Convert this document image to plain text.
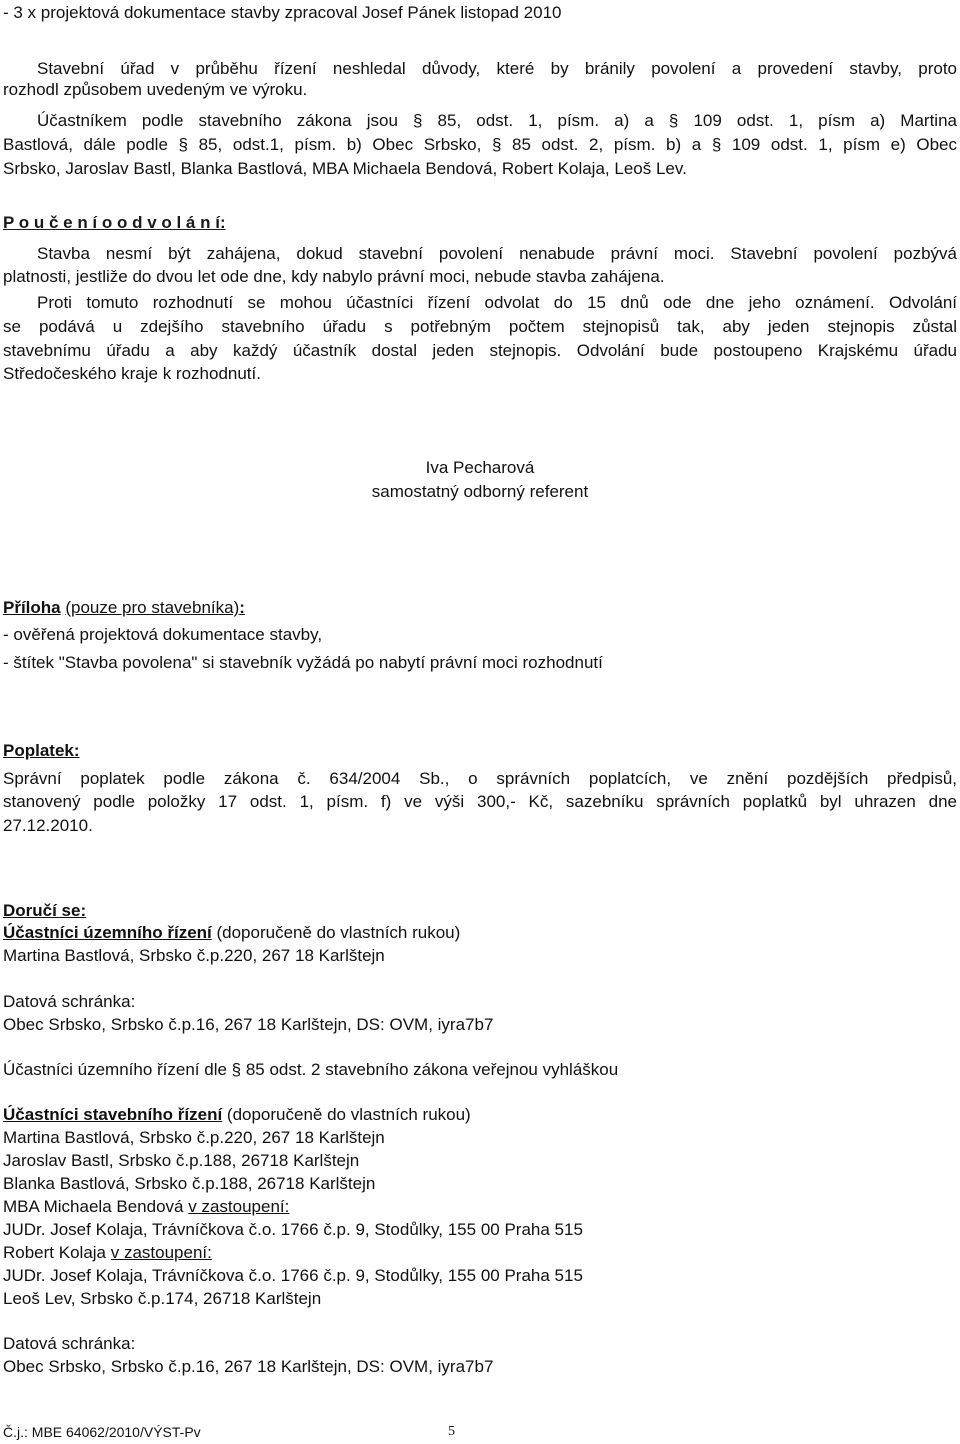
- 3 x projektová dokumentace stavby zpracoval Josef Pánek listopad 2010
Stavební úřad v průběhu řízení neshledal důvody, které by bránily povolení a provedení stavby, proto
rozhodl způsobem uvedeným ve výroku.
Účastníkem podle stavebního zákona jsou § 85, odst. 1, písm. a) a § 109 odst. 1, písm a) Martina
Bastlová, dále podle § 85, odst.1, písm. b) Obec Srbsko, § 85 odst. 2, písm. b) a § 109 odst. 1, písm e) Obec
Srbsko, Jaroslav Bastl, Blanka Bastlová, MBA Michaela Bendová, Robert Kolaja, Leoš Lev.
P o u č e n í o o d v o l á n í:
Stavba nesmí být zahájena, dokud stavební povolení nenabude právní moci. Stavební povolení pozbývá
platnosti, jestliže do dvou let ode dne, kdy nabylo právní moci, nebude stavba zahájena.
Proti tomuto rozhodnutí se mohou účastníci řízení odvolat do 15 dnů ode dne jeho oznámení. Odvolání
se podává u zdejšího stavebního úřadu s potřebným počtem stejnopisů tak, aby jeden stejnopis zůstal
stavebnímu úřadu a aby každý účastník dostal jeden stejnopis. Odvolání bude postoupeno Krajskému úřadu
Středočeského kraje k rozhodnutí.
Iva Pecharová
samostatný odborný referent
Příloha (pouze pro stavebníka):
- ověřená projektová dokumentace stavby,
- štítek "Stavba povolena" si stavebník vyžádá po nabytí právní moci rozhodnutí
Poplatek:
Správní poplatek podle zákona č. 634/2004 Sb., o správních poplatcích, ve znění pozdějších předpisů,
stanovený podle položky 17 odst. 1, písm. f) ve výši 300,- Kč, sazebníku správních poplatků byl uhrazen dne
27.12.2010.
Doručí se:
Účastníci územního řízení (doporučeně do vlastních rukou)
Martina Bastlová, Srbsko č.p.220, 267 18 Karlštejn
Datová schránka:
Obec Srbsko, Srbsko č.p.16, 267 18 Karlštejn, DS: OVM, iyra7b7
Účastníci územního řízení dle § 85 odst. 2 stavebního zákona veřejnou vyhláškou
Účastníci stavebního řízení (doporučeně do vlastních rukou)
Martina Bastlová, Srbsko č.p.220, 267 18 Karlštejn
Jaroslav Bastl, Srbsko č.p.188, 26718 Karlštejn
Blanka Bastlová, Srbsko č.p.188, 26718 Karlštejn
MBA Michaela Bendová v zastoupení:
JUDr. Josef Kolaja, Trávníčkova č.o. 1766 č.p. 9, Stodůlky, 155 00 Praha 515
Robert Kolaja v zastoupení:
JUDr. Josef Kolaja, Trávníčkova č.o. 1766 č.p. 9, Stodůlky, 155 00 Praha 515
Leoš Lev, Srbsko č.p.174, 26718 Karlštejn
Datová schránka:
Obec Srbsko, Srbsko č.p.16, 267 18 Karlštejn, DS: OVM, iyra7b7
Č.j.: MBE 64062/2010/VÝST-Pv	5
